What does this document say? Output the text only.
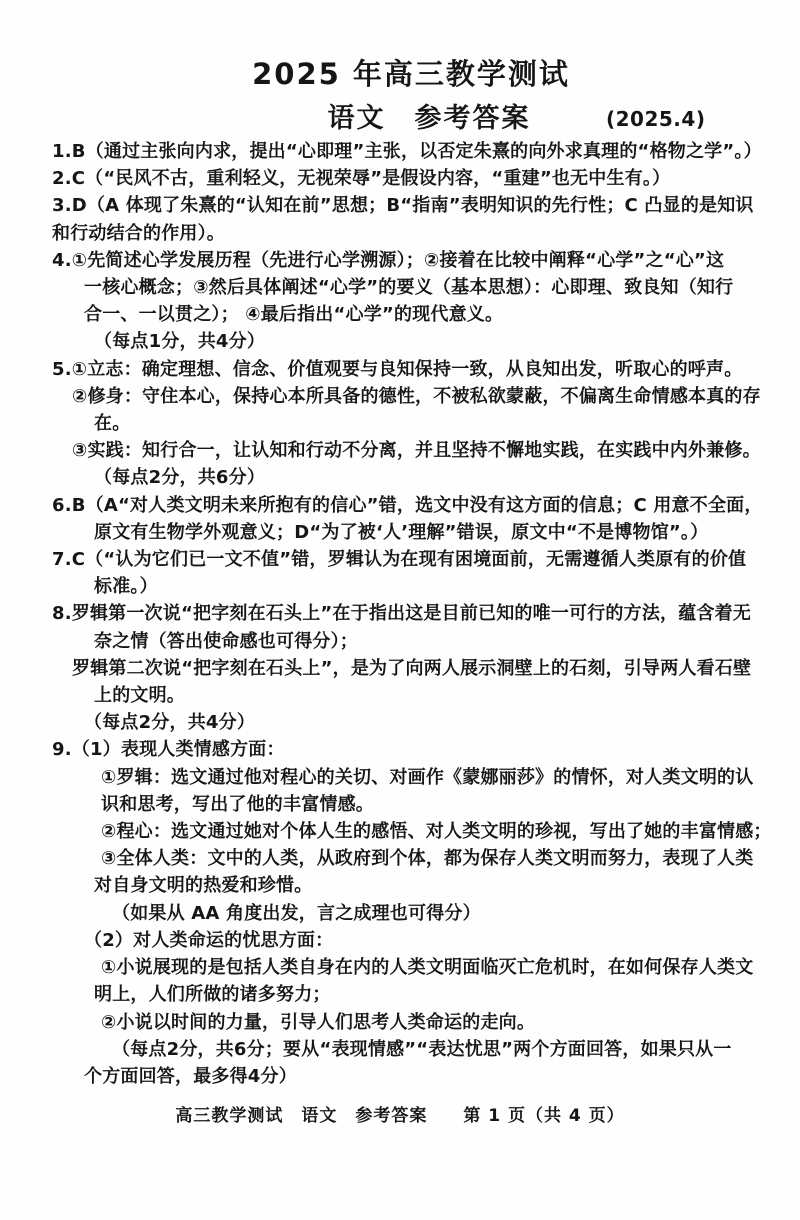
2025 年高三教学测试
语文　参考答案	(2025.4)
1.B（通过主张向内求，提出“心即理”主张，以否定朱熹的向外求真理的“格物之学”。）
2.C（“民风不古，重利轻义，无视荣辱”是假设内容，“重建”也无中生有。）
3.D（A 体现了朱熹的“认知在前”思想；B“指南”表明知识的先行性；C 凸显的是知识
和行动结合的作用）。
4.①先简述心学发展历程（先进行心学溯源）；②接着在比较中阐释“心学”之“心”这
一核心概念；③然后具体阐述“心学”的要义（基本思想）：心即理、致良知（知行
合一、一以贯之）； ④最后指出“心学”的现代意义。
（每点1分，共4分）
5.①立志：确定理想、信念、价值观要与良知保持一致，从良知出发，听取心的呼声。
②修身：守住本心，保持心本所具备的德性，不被私欲蒙蔽，不偏离生命情感本真的存
在。
③实践：知行合一，让认知和行动不分离，并且坚持不懈地实践，在实践中内外兼修。
（每点2分，共6分）
6.B（A“对人类文明未来所抱有的信心”错，选文中没有这方面的信息；C 用意不全面，
原文有生物学外观意义；D“为了被‘人’理解”错误，原文中“不是博物馆”。）
7.C（“认为它们已一文不值”错，罗辑认为在现有困境面前，无需遵循人类原有的价值
标准。）
8.罗辑第一次说“把字刻在石头上”在于指出这是目前已知的唯一可行的方法，蕴含着无
奈之情（答出使命感也可得分）；
罗辑第二次说“把字刻在石头上”，是为了向两人展示洞壁上的石刻，引导两人看石壁
上的文明。
（每点2分，共4分）
9.（1）表现人类情感方面：
①罗辑：选文通过他对程心的关切、对画作《蒙娜丽莎》的情怀，对人类文明的认
识和思考，写出了他的丰富情感。
②程心：选文通过她对个体人生的感悟、对人类文明的珍视，写出了她的丰富情感；
③全体人类：文中的人类，从政府到个体，都为保存人类文明而努力，表现了人类
对自身文明的热爱和珍惜。
（如果从 AA 角度出发，言之成理也可得分）
（2）对人类命运的忧思方面：
①小说展现的是包括人类自身在内的人类文明面临灭亡危机时，在如何保存人类文
明上，人们所做的诸多努力；
②小说以时间的力量，引导人们思考人类命运的走向。
（每点2分，共6分；要从“表现情感”“表达忧思”两个方面回答，如果只从一
个方面回答，最多得4分）
高三教学测试　语文　参考答案　　第 1 页（共 4 页）
